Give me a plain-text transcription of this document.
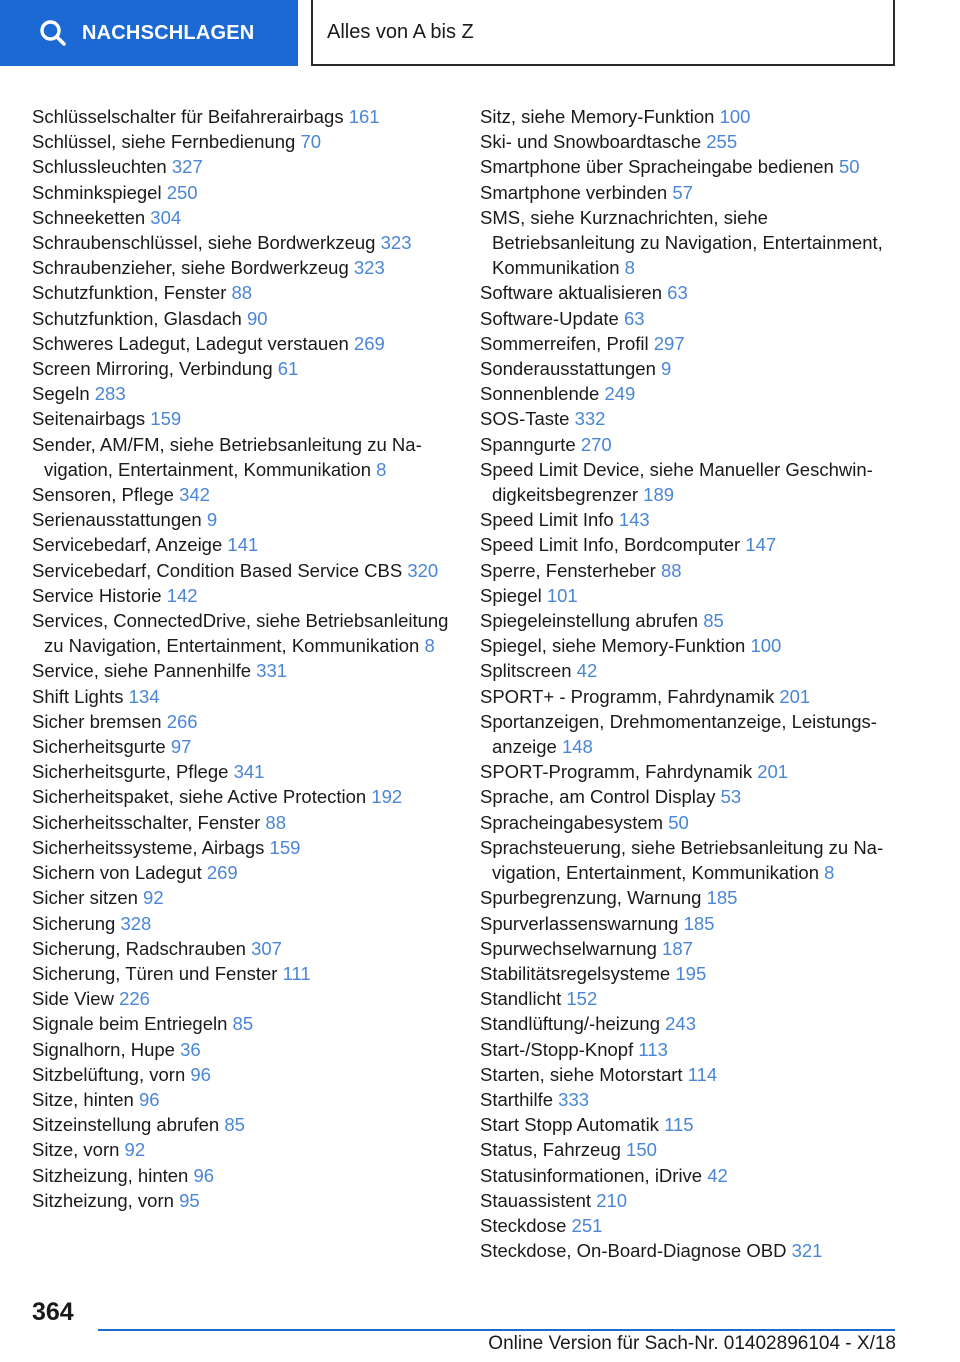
NACHSCHLAGEN	Alles von A bis Z
Schlüsselschalter für Beifahrerairbags 161
Schlüssel, siehe Fernbedienung 70
Schlussleuchten 327
Schminkspiegel 250
Schneeketten 304
Schraubenschlüssel, siehe Bordwerkzeug 323
Schraubenzieher, siehe Bordwerkzeug 323
Schutzfunktion, Fenster 88
Schutzfunktion, Glasdach 90
Schweres Ladegut, Ladegut verstauen 269
Screen Mirroring, Verbindung 61
Segeln 283
Seitenairbags 159
Sender, AM/FM, siehe Betriebsanleitung zu Navigation, Entertainment, Kommunikation 8
Sensoren, Pflege 342
Serienausstattungen 9
Servicebedarf, Anzeige 141
Servicebedarf, Condition Based Service CBS 320
Service Historie 142
Services, ConnectedDrive, siehe Betriebsanleitung zu Navigation, Entertainment, Kommunikation 8
Service, siehe Pannenhilfe 331
Shift Lights 134
Sicher bremsen 266
Sicherheitsgurte 97
Sicherheitsgurte, Pflege 341
Sicherheitspaket, siehe Active Protection 192
Sicherheitsschalter, Fenster 88
Sicherheitssysteme, Airbags 159
Sichern von Ladegut 269
Sicher sitzen 92
Sicherung 328
Sicherung, Radschrauben 307
Sicherung, Türen und Fenster 111
Side View 226
Signale beim Entriegeln 85
Signalhorn, Hupe 36
Sitzbelüftung, vorn 96
Sitze, hinten 96
Sitzeinstellung abrufen 85
Sitze, vorn 92
Sitzheizung, hinten 96
Sitzheizung, vorn 95
Sitz, siehe Memory-Funktion 100
Ski- und Snowboardtasche 255
Smartphone über Spracheingabe bedienen 50
Smartphone verbinden 57
SMS, siehe Kurznachrichten, siehe Betriebsanleitung zu Navigation, Entertainment, Kommunikation 8
Software aktualisieren 63
Software-Update 63
Sommerreifen, Profil 297
Sonderausstattungen 9
Sonnenblende 249
SOS-Taste 332
Spanngurte 270
Speed Limit Device, siehe Manueller Geschwindigkeitsbegrenzer 189
Speed Limit Info 143
Speed Limit Info, Bordcomputer 147
Sperre, Fensterheber 88
Spiegel 101
Spiegeleinstellung abrufen 85
Spiegel, siehe Memory-Funktion 100
Splitscreen 42
SPORT+ - Programm, Fahrdynamik 201
Sportanzeigen, Drehmomentanzeige, Leistungsanzeige 148
SPORT-Programm, Fahrdynamik 201
Sprache, am Control Display 53
Spracheingabesystem 50
Sprachsteuerung, siehe Betriebsanleitung zu Navigation, Entertainment, Kommunikation 8
Spurbegrenzung, Warnung 185
Spurverlassenswarnung 185
Spurwechselwarnung 187
Stabilitätsregelsysteme 195
Standlicht 152
Standlüftung/-heizung 243
Start-/Stopp-Knopf 113
Starten, siehe Motorstart 114
Starthilfe 333
Start Stopp Automatik 115
Status, Fahrzeug 150
Statusinformationen, iDrive 42
Stauassistent 210
Steckdose 251
Steckdose, On-Board-Diagnose OBD 321
364
Online Version für Sach-Nr. 01402896104 - X/18
